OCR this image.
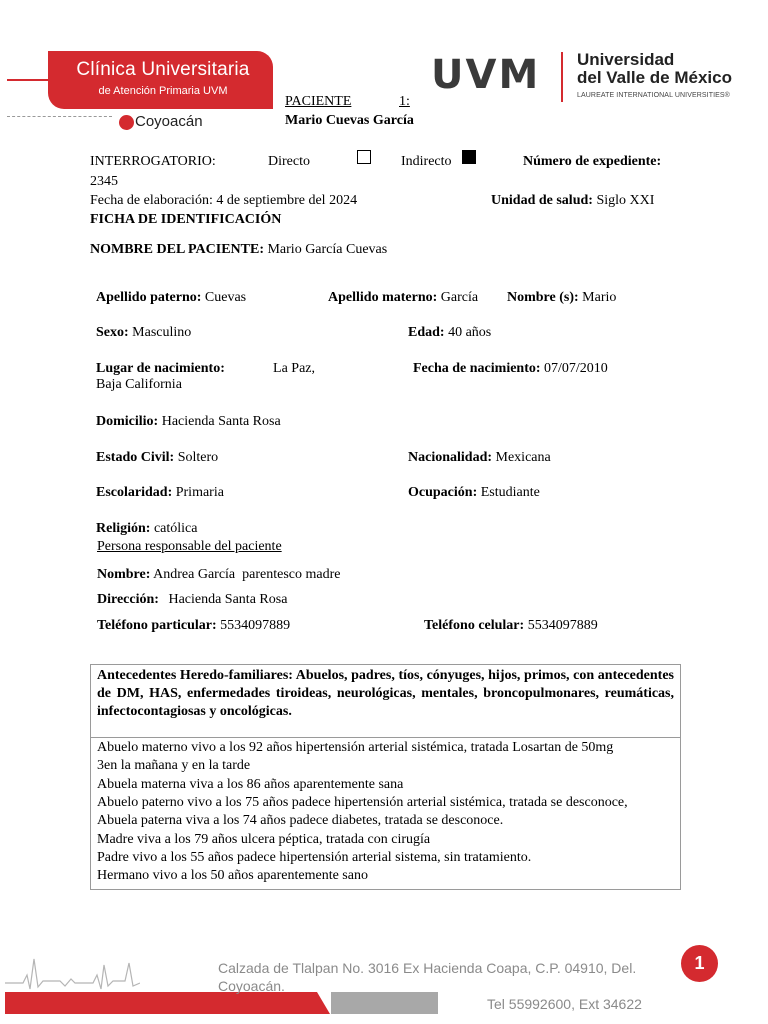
Clínica Universitaria
de Atención Primaria UVM
Coyoacán
UVM Universidad
del Valle de México
LAUREATE INTERNATIONAL UNIVERSITIES®
PACIENTE	1:
Mario Cuevas García
INTERROGATORIO:	Directo	Indirecto	Número de expediente:
2345
Fecha de elaboración: 4 de septiembre del 2024	Unidad de salud: Siglo XXI
FICHA DE IDENTIFICACIÓN
NOMBRE DEL PACIENTE: Mario García Cuevas
Apellido paterno: Cuevas	Apellido materno: García Nombre (s): Mario
Sexo: Masculino	Edad: 40 años
Lugar de nacimiento:	La Paz,
Baja California
Fecha de nacimiento: 07/07/2010
Domicilio: Hacienda Santa Rosa
Estado Civil: Soltero	Nacionalidad: Mexicana
Escolaridad: Primaria	Ocupación: Estudiante
Religión: católica
Persona responsable del paciente
Nombre: Andrea García  parentesco madre
Dirección: Hacienda Santa Rosa
Teléfono particular: 5534097889	Teléfono celular: 5534097889
Antecedentes Heredo-familiares: Abuelos, padres, tíos, cónyuges, hijos, primos, con antecedentes de DM, HAS, enfermedades tiroideas, neurológicas, mentales, broncopulmonares, reumáticas, infectocontagiosas y oncológicas.
Abuelo materno vivo a los 92 años hipertensión arterial sistémica, tratada Losartan de 50mg
3en la mañana y en la tarde
Abuela materna viva a los 86 años aparentemente sana
Abuelo paterno vivo a los 75 años padece hipertensión arterial sistémica, tratada se desconoce,
Abuela paterna viva a los 74 años padece diabetes, tratada se desconoce.
Madre viva a los 79 años ulcera péptica, tratada con cirugía
Padre vivo a los 55 años padece hipertensión arterial sistema, sin tratamiento.
Hermano vivo a los 50 años aparentemente sano
Calzada de Tlalpan No. 3016 Ex Hacienda Coapa, C.P. 04910, Del.
Coyoacán.
Tel 55992600, Ext 34622
1
